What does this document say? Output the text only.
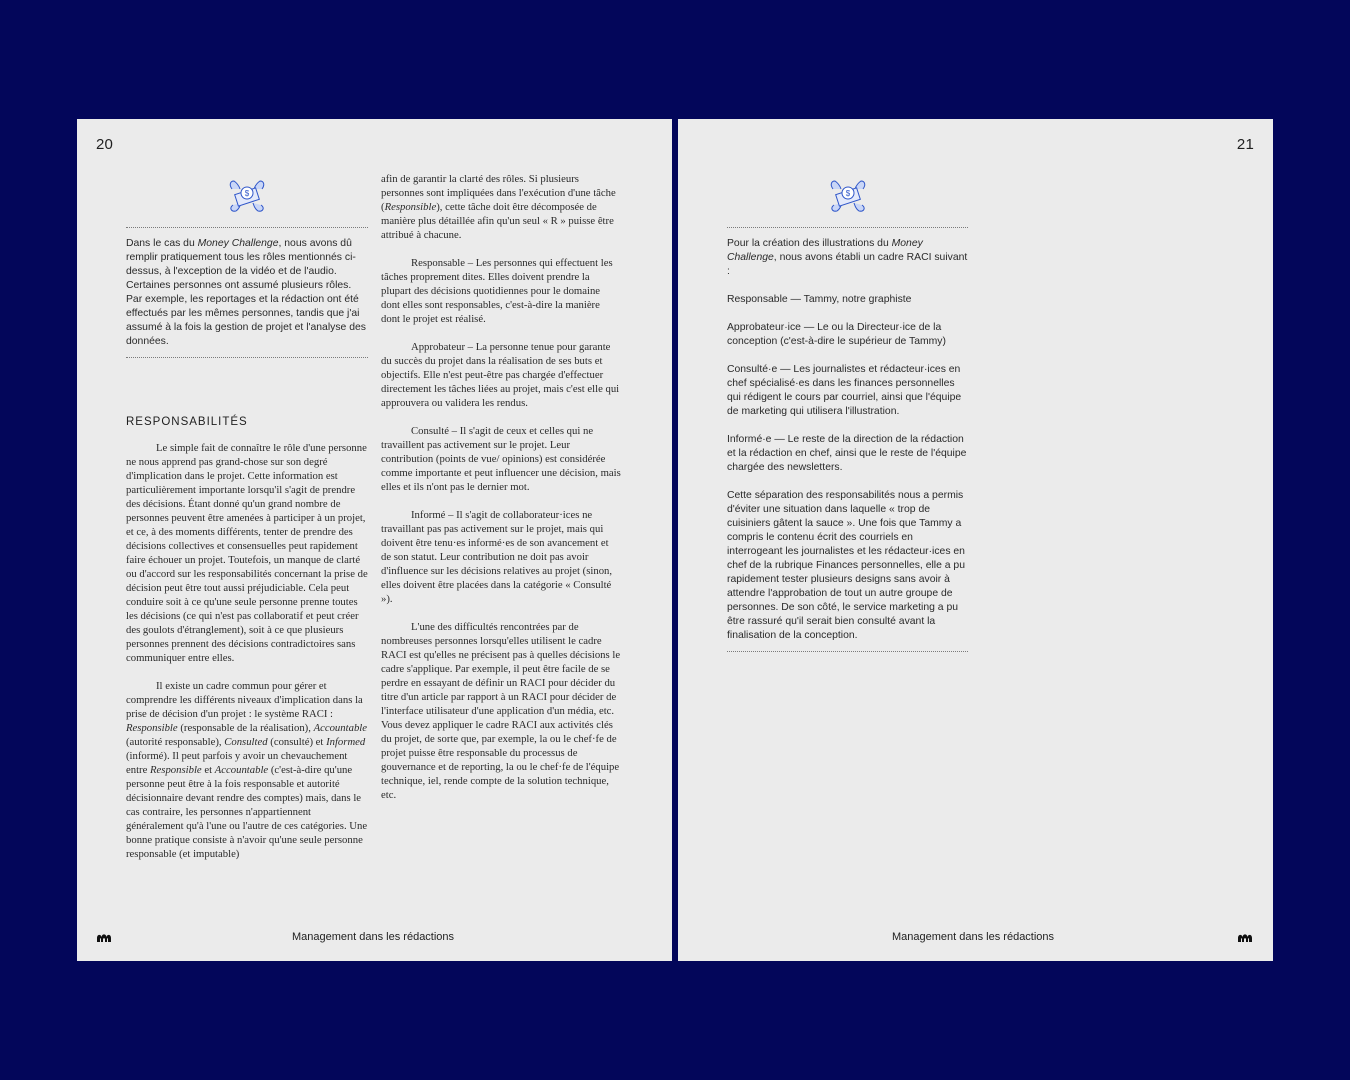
20
$

Dans le cas du Money Challenge, nous avons dû remplir pratiquement tous les rôles mentionnés ci-dessus, à l'exception de la vidéo et de l'audio. Certaines personnes ont assumé plusieurs rôles. Par exemple, les reportages et la rédaction ont été effectués par les mêmes personnes, tandis que j'ai assumé à la fois la gestion de projet et l'analyse des données.

RESPONSABILITÉS

Le simple fait de connaître le rôle d'une personne ne nous apprend pas grand-chose sur son degré d'implication dans le projet. Cette information est particulièrement importante lorsqu'il s'agit de prendre des décisions. Étant donné qu'un grand nombre de personnes peuvent être amenées à participer à un projet, et ce, à des moments différents, tenter de prendre des décisions collectives et consensuelles peut rapidement faire échouer un projet. Toutefois, un manque de clarté ou d'accord sur les responsabilités concernant la prise de décision peut être tout aussi préjudiciable. Cela peut conduire soit à ce qu'une seule personne prenne toutes les décisions (ce qui n'est pas collaboratif et peut créer des goulots d'étranglement), soit à ce que plusieurs personnes prennent des décisions contradictoires sans communiquer entre elles.

Il existe un cadre commun pour gérer et comprendre les différents niveaux d'implication dans la prise de décision d'un projet : le système RACI : Responsible (responsable de la réalisation), Accountable (autorité responsable), Consulted (consulté) et Informed (informé). Il peut parfois y avoir un chevauchement entre Responsible et Accountable (c'est-à-dire qu'une personne peut être à la fois responsable et autorité décisionnaire devant rendre des comptes) mais, dans le cas contraire, les personnes n'appartiennent généralement qu'à l'une ou l'autre de ces catégories. Une bonne pratique consiste à n'avoir qu'une seule personne responsable (et imputable)

afin de garantir la clarté des rôles. Si plusieurs personnes sont impliquées dans l'exécution d'une tâche (Responsible), cette tâche doit être décomposée de manière plus détaillée afin qu'un seul « R » puisse être attribué à chacune.

Responsable – Les personnes qui effectuent les tâches proprement dites. Elles doivent prendre la plupart des décisions quotidiennes pour le domaine dont elles sont responsables, c'est-à-dire la manière dont le projet est réalisé.

Approbateur – La personne tenue pour garante du succès du projet dans la réalisation de ses buts et objectifs. Elle n'est peut-être pas chargée d'effectuer directement les tâches liées au projet, mais c'est elle qui approuvera ou validera les rendus.

Consulté – Il s'agit de ceux et celles qui ne travaillent pas activement sur le projet. Leur contribution (points de vue/ opinions) est considérée comme importante et peut influencer une décision, mais elles et ils n'ont pas le dernier mot.

Informé – Il s'agit de collaborateur·ices ne travaillant pas pas activement sur le projet, mais qui doivent être tenu·es informé·es de son avancement et de son statut. Leur contribution ne doit pas avoir d'influence sur les décisions relatives au projet (sinon, elles doivent être placées dans la catégorie « Consulté »).

L'une des difficultés rencontrées par de nombreuses personnes lorsqu'elles utilisent le cadre RACI est qu'elles ne précisent pas à quelles décisions le cadre s'applique. Par exemple, il peut être facile de se perdre en essayant de définir un RACI pour décider du titre d'un article par rapport à un RACI pour décider de l'interface utilisateur d'une application d'un média, etc. Vous devez appliquer le cadre RACI aux activités clés du projet, de sorte que, par exemple, la ou le chef·fe de projet puisse être responsable du processus de gouvernance et de reporting, la ou le chef·fe de l'équipe technique, iel, rende compte de la solution technique, etc.

Management dans les rédactions
21
$

Pour la création des illustrations du Money Challenge, nous avons établi un cadre RACI suivant :

Responsable — Tammy, notre graphiste

Approbateur·ice — Le ou la Directeur·ice de la conception (c'est-à-dire le supérieur de Tammy)

Consulté·e — Les journalistes et rédacteur·ices en chef spécialisé·es dans les finances personnelles qui rédigent le cours par courriel, ainsi que l'équipe de marketing qui utilisera l'illustration.

Informé·e — Le reste de la direction de la rédaction et la rédaction en chef, ainsi que le reste de l'équipe chargée des newsletters.

Cette séparation des responsabilités nous a permis d'éviter une situation dans laquelle « trop de cuisiniers gâtent la sauce ». Une fois que Tammy a compris le contenu écrit des courriels en interrogeant les journalistes et les rédacteur·ices en chef de la rubrique Finances personnelles, elle a pu rapidement tester plusieurs designs sans avoir à attendre l'approbation de tout un autre groupe de personnes. De son côté, le service marketing a pu être rassuré qu'il serait bien consulté avant la finalisation de la conception.

Management dans les rédactions
